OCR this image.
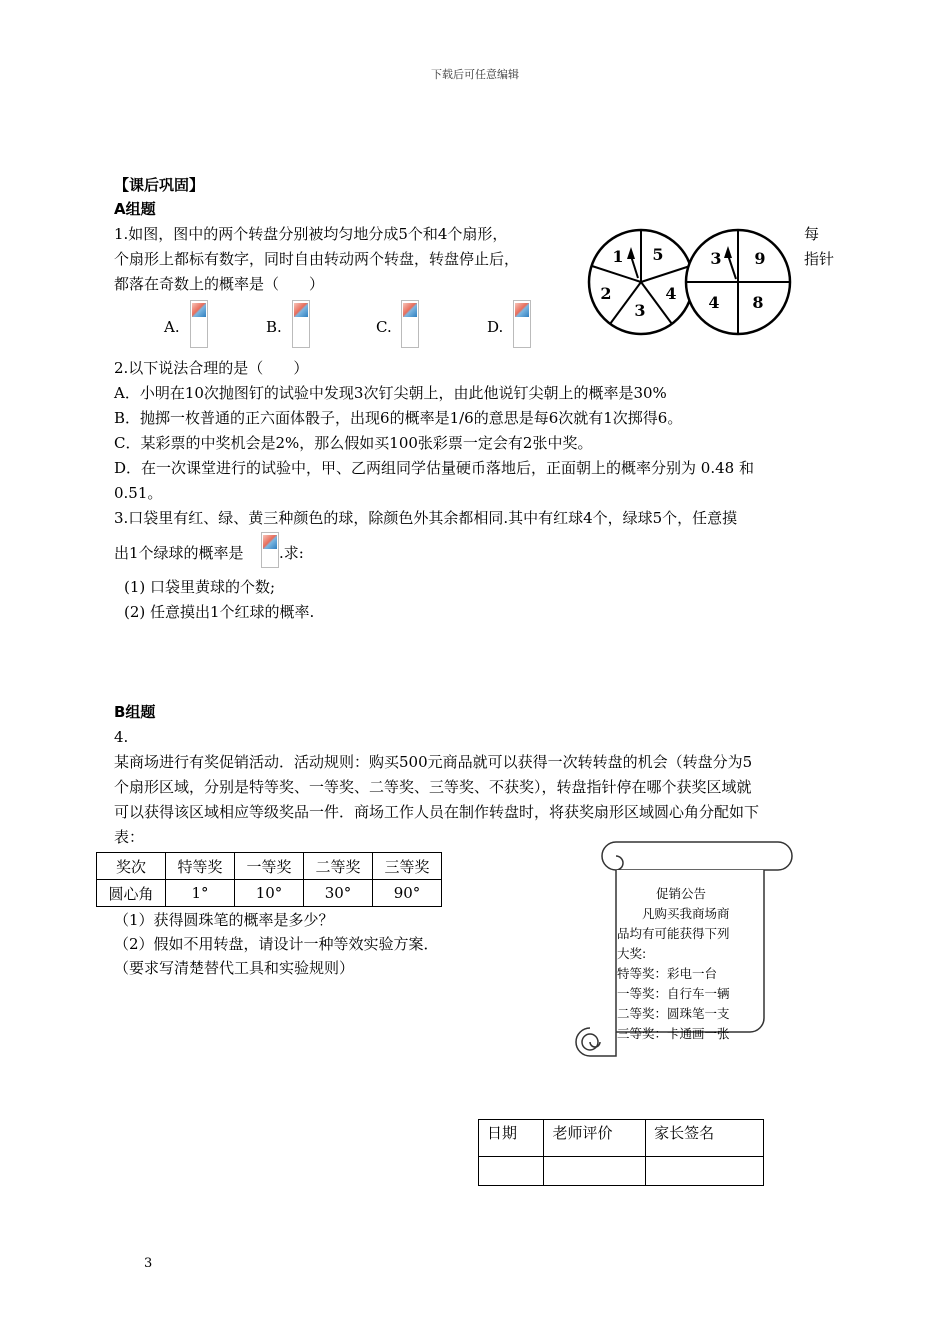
下载后可任意编辑
【课后巩固】
A组题
1.如图，图中的两个转盘分别被均匀地分成5个和4个扇形，	每
个扇形上都标有数字，同时自由转动两个转盘，转盘停止后，	指针
都落在奇数上的概率是（　　）
A.	B.	C.	D.
1 5
4
3
2
3 9
8
4
2.以下说法合理的是（　　）
A．小明在10次抛图钉的试验中发现3次钉尖朝上，由此他说钉尖朝上的概率是30%
B．抛掷一枚普通的正六面体骰子，出现6的概率是1/6的意思是每6次就有1次掷得6。
C．某彩票的中奖机会是2%，那么假如买100张彩票一定会有2张中奖。
D．在一次课堂进行的试验中，甲、乙两组同学估量硬币落地后，正面朝上的概率分别为 0.48 和
0.51。
3.口袋里有红、绿、黄三种颜色的球，除颜色外其余都相同.其中有红球4个，绿球5个，任意摸
出1个绿球的概率是 .求:
(1) 口袋里黄球的个数;
(2) 任意摸出1个红球的概率.
B组题
4.
某商场进行有奖促销活动．活动规则：购买500元商品就可以获得一次转转盘的机会（转盘分为5
个扇形区域，分别是特等奖、一等奖、二等奖、三等奖、不获奖），转盘指针停在哪个获奖区域就
可以获得该区域相应等级奖品一件．商场工作人员在制作转盘时，将获奖扇形区域圆心角分配如下
表：
奖次	特等奖	一等奖	二等奖	三等奖
圆心角	1°	10°	30°	90°
（1）获得圆珠笔的概率是多少？
（2）假如不用转盘，请设计一种等效实验方案．
（要求写清楚替代工具和实验规则）
促销公告
凡购买我商场商
品均有可能获得下列
大奖:
特等奖：彩电一台
一等奖：自行车一辆
二等奖：圆珠笔一支
三等奖：卡通画一张
日期	老师评价	家长签名

3
